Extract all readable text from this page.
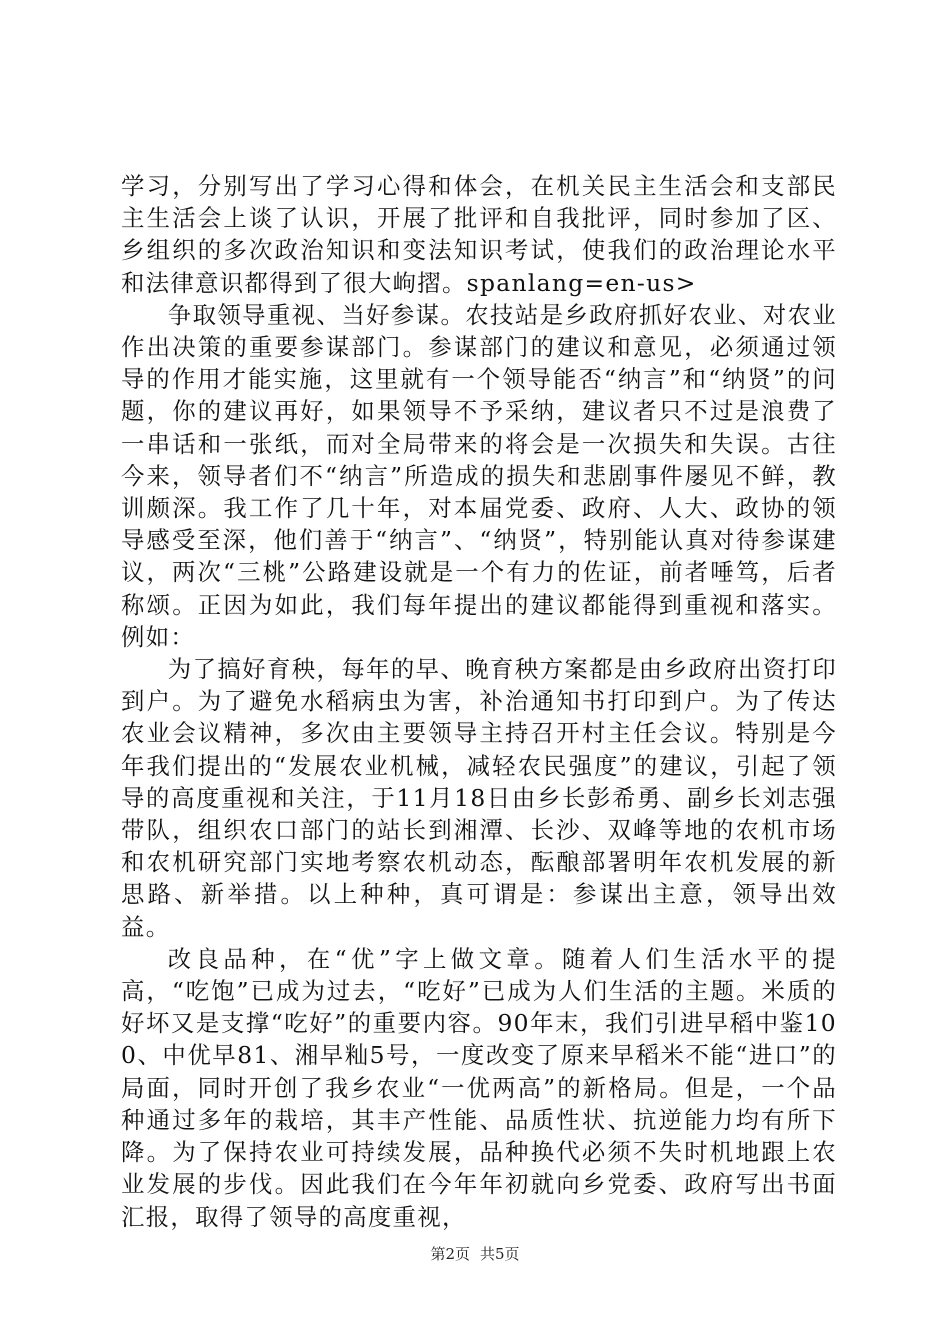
学习，分别写出了学习心得和体会，在机关民主生活会和支部民主生活会上谈了认识，开展了批评和自我批评，同时参加了区、乡组织的多次政治知识和变法知识考试，使我们的政治理论水平和法律意识都得到了很大岣摺。spanlang=en-us>

争取领导重视、当好参谋。农技站是乡政府抓好农业、对农业作出决策的重要参谋部门。参谋部门的建议和意见，必须通过领导的作用才能实施，这里就有一个领导能否“纳言”和“纳贤”的问题，你的建议再好，如果领导不予采纳，建议者只不过是浪费了一串话和一张纸，而对全局带来的将会是一次损失和失误。古往今来，领导者们不“纳言”所造成的损失和悲剧事件屡见不鲜，教训颇深。我工作了几十年，对本届党委、政府、人大、政协的领导感受至深，他们善于“纳言”、“纳贤”，特别能认真对待参谋建议，两次“三桃”公路建设就是一个有力的佐证，前者唾笃，后者称颂。正因为如此，我们每年提出的建议都能得到重视和落实。例如：

为了搞好育秧，每年的早、晚育秧方案都是由乡政府出资打印到户。为了避免水稻病虫为害，补治通知书打印到户。为了传达农业会议精神，多次由主要领导主持召开村主任会议。特别是今年我们提出的“发展农业机械，减轻农民强度”的建议，引起了领导的高度重视和关注，于11月18日由乡长彭希勇、副乡长刘志强带队，组织农口部门的站长到湘潭、长沙、双峰等地的农机市场和农机研究部门实地考察农机动态，酝酿部署明年农机发展的新思路、新举措。以上种种，真可谓是：参谋出主意，领导出效益。

改良品种，在“优”字上做文章。随着人们生活水平的提高，“吃饱”已成为过去，“吃好”已成为人们生活的主题。米质的好坏又是支撑“吃好”的重要内容。90年末，我们引进早稻中鉴100、中优早81、湘早籼5号，一度改变了原来早稻米不能“进口”的局面，同时开创了我乡农业“一优两高”的新格局。但是，一个品种通过多年的栽培，其丰产性能、品质性状、抗逆能力均有所下降。为了保持农业可持续发展，品种换代必须不失时机地跟上农业发展的步伐。因此我们在今年年初就向乡党委、政府写出书面汇报，取得了领导的高度重视，

第2页 共5页
